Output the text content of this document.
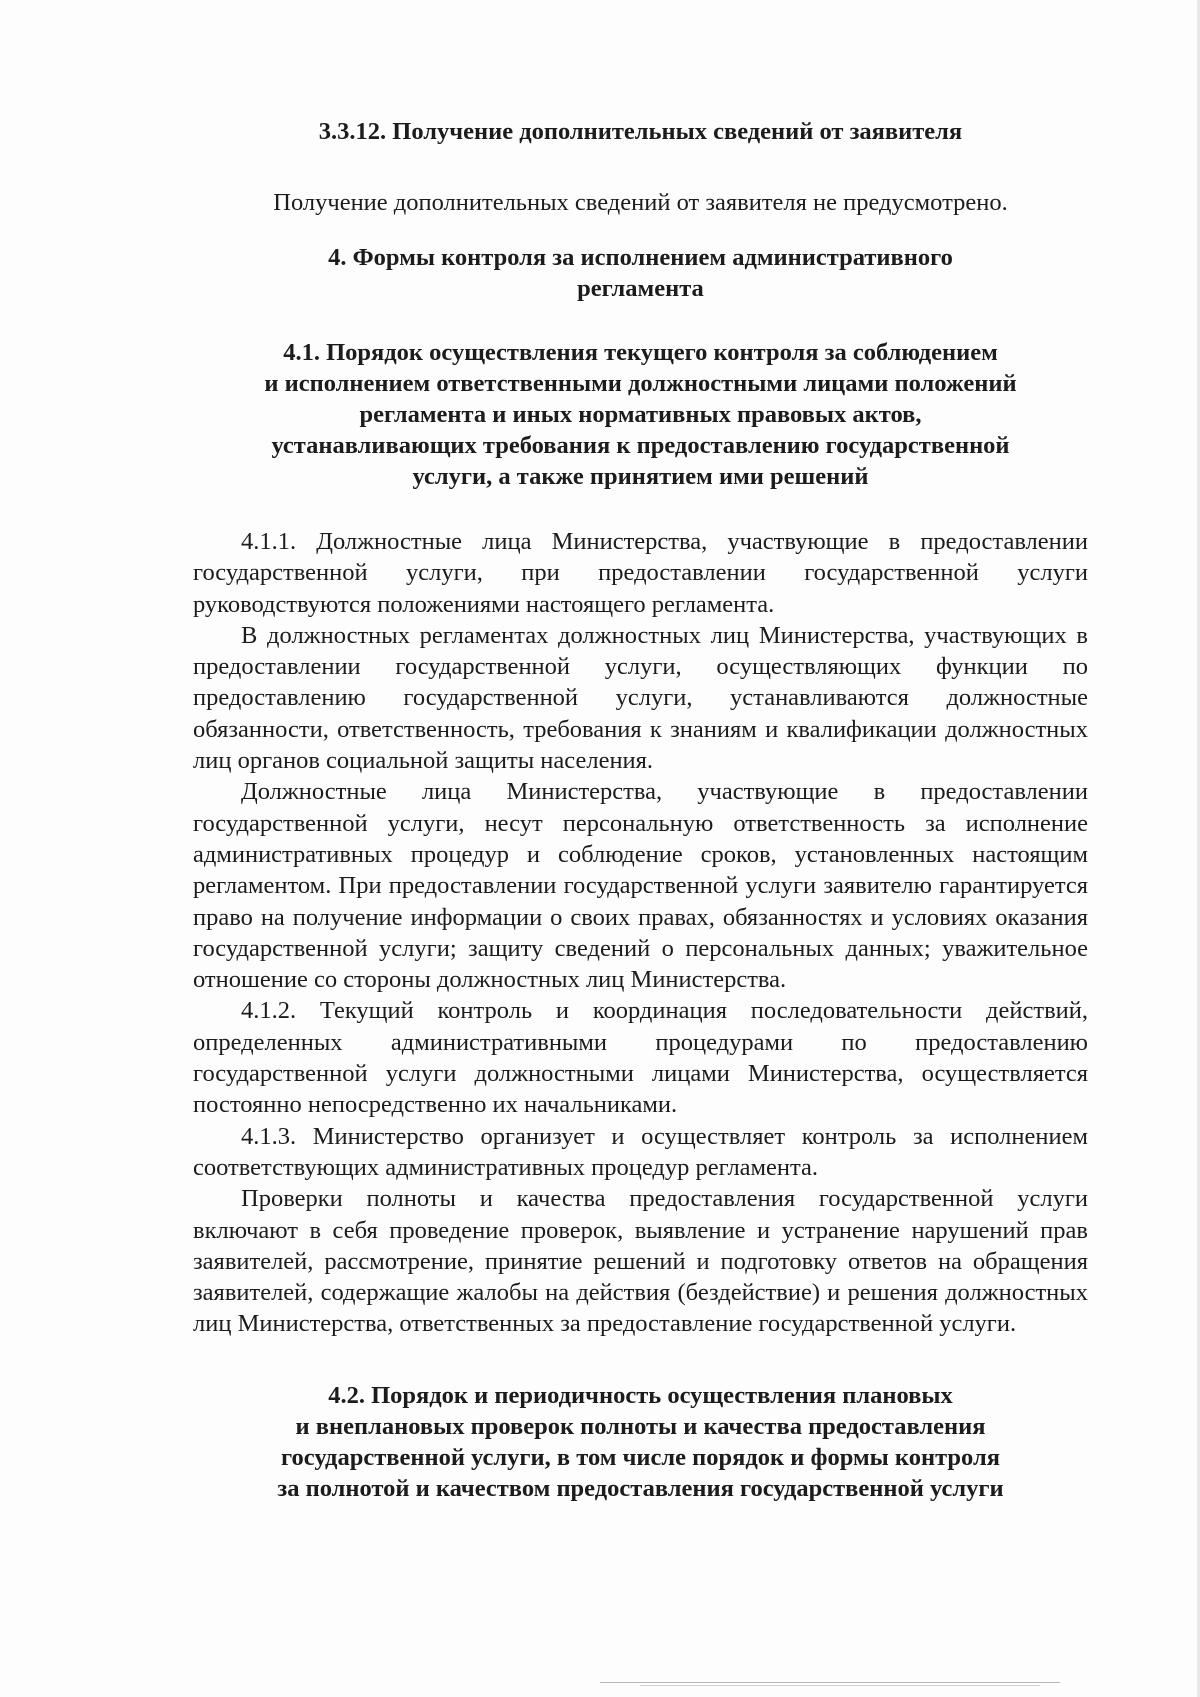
3.3.12. Получение дополнительных сведений от заявителя

Получение дополнительных сведений от заявителя не предусмотрено.

4. Формы контроля за исполнением административного
регламента
4.1. Порядок осуществления текущего контроля за соблюдением
и исполнением ответственными должностными лицами положений
регламента и иных нормативных правовых актов,
устанавливающих требования к предоставлению государственной
услуги, а также принятием ими решений

4.1.1. Должностные лица Министерства, участвующие в предоставлении государственной услуги, при предоставлении государственной услуги руководствуются положениями настоящего регламента.

В должностных регламентах должностных лиц Министерства, участвующих в предоставлении государственной услуги, осуществляющих функции по предоставлению государственной услуги, устанавливаются должностные обязанности, ответственность, требования к знаниям и квалификации должностных лиц органов социальной защиты населения.

Должностные лица Министерства, участвующие в предоставлении государственной услуги, несут персональную ответственность за исполнение административных процедур и соблюдение сроков, установленных настоящим регламентом. При предоставлении государственной услуги заявителю гарантируется право на получение информации о своих правах, обязанностях и условиях оказания государственной услуги; защиту сведений о персональных данных; уважительное отношение со стороны должностных лиц Министерства.

4.1.2. Текущий контроль и координация последовательности действий, определенных административными процедурами по предоставлению государственной услуги должностными лицами Министерства, осуществляется постоянно непосредственно их начальниками.

4.1.3. Министерство организует и осуществляет контроль за исполнением соответствующих административных процедур регламента.

Проверки полноты и качества предоставления государственной услуги включают в себя проведение проверок, выявление и устранение нарушений прав заявителей, рассмотрение, принятие решений и подготовку ответов на обращения заявителей, содержащие жалобы на действия (бездействие) и решения должностных лиц Министерства, ответственных за предоставление государственной услуги.

4.2. Порядок и периодичность осуществления плановых
и внеплановых проверок полноты и качества предоставления
государственной услуги, в том числе порядок и формы контроля
за полнотой и качеством предоставления государственной услуги
